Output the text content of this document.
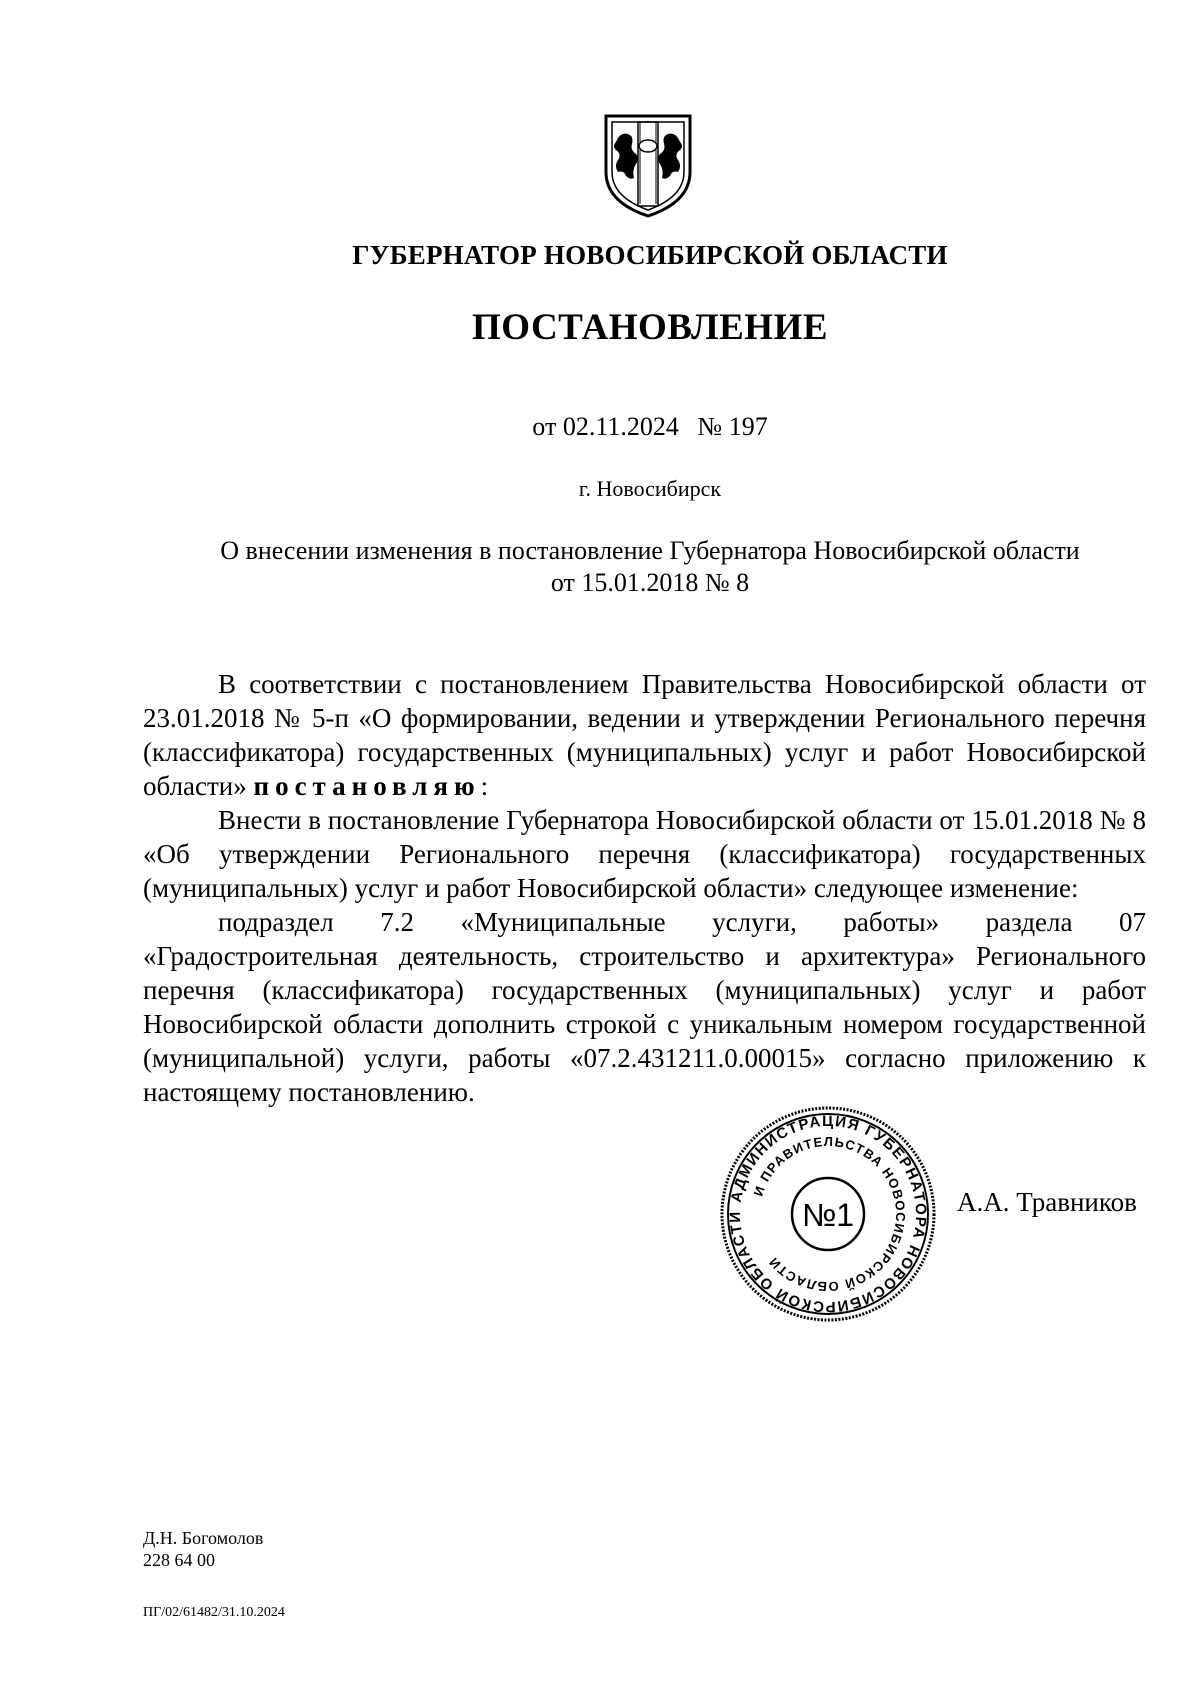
ГУБЕРНАТОР НОВОСИБИРСКОЙ ОБЛАСТИ
ПОСТАНОВЛЕНИЕ
от 02.11.2024 № 197
г. Новосибирск
О внесении изменения в постановление Губернатора Новосибирской области
от 15.01.2018 № 8

В соответствии с постановлением Правительства Новосибирской области от 23.01.2018 № 5-п «О формировании, ведении и утверждении Регионального перечня (классификатора) государственных (муниципальных) услуг и работ Новосибирской области» постановляю:

Внести в постановление Губернатора Новосибирской области от 15.01.2018 № 8 «Об утверждении Регионального перечня (классификатора) государственных (муниципальных) услуг и работ Новосибирской области» следующее изменение:

подраздел 7.2 «Муниципальные услуги, работы» раздела 07 «Градостроительная деятельность, строительство и архитектура» Регионального перечня (классификатора) государственных (муниципальных) услуг и работ Новосибирской области дополнить строкой с уникальным номером государственной (муниципальной) услуги, работы «07.2.431211.0.00015» согласно приложению к настоящему постановлению.

АДМИНИСТРАЦИЯ ГУБЕРНАТОРА НОВОСИБИРСКОЙ ОБЛАСТИ
И ПРАВИТЕЛЬСТВА НОВОСИБИРСКОЙ ОБЛАСТИ
№1	А.А. Травников
Д.Н. Богомолов
228 64 00
ПГ/02/61482/31.10.2024
